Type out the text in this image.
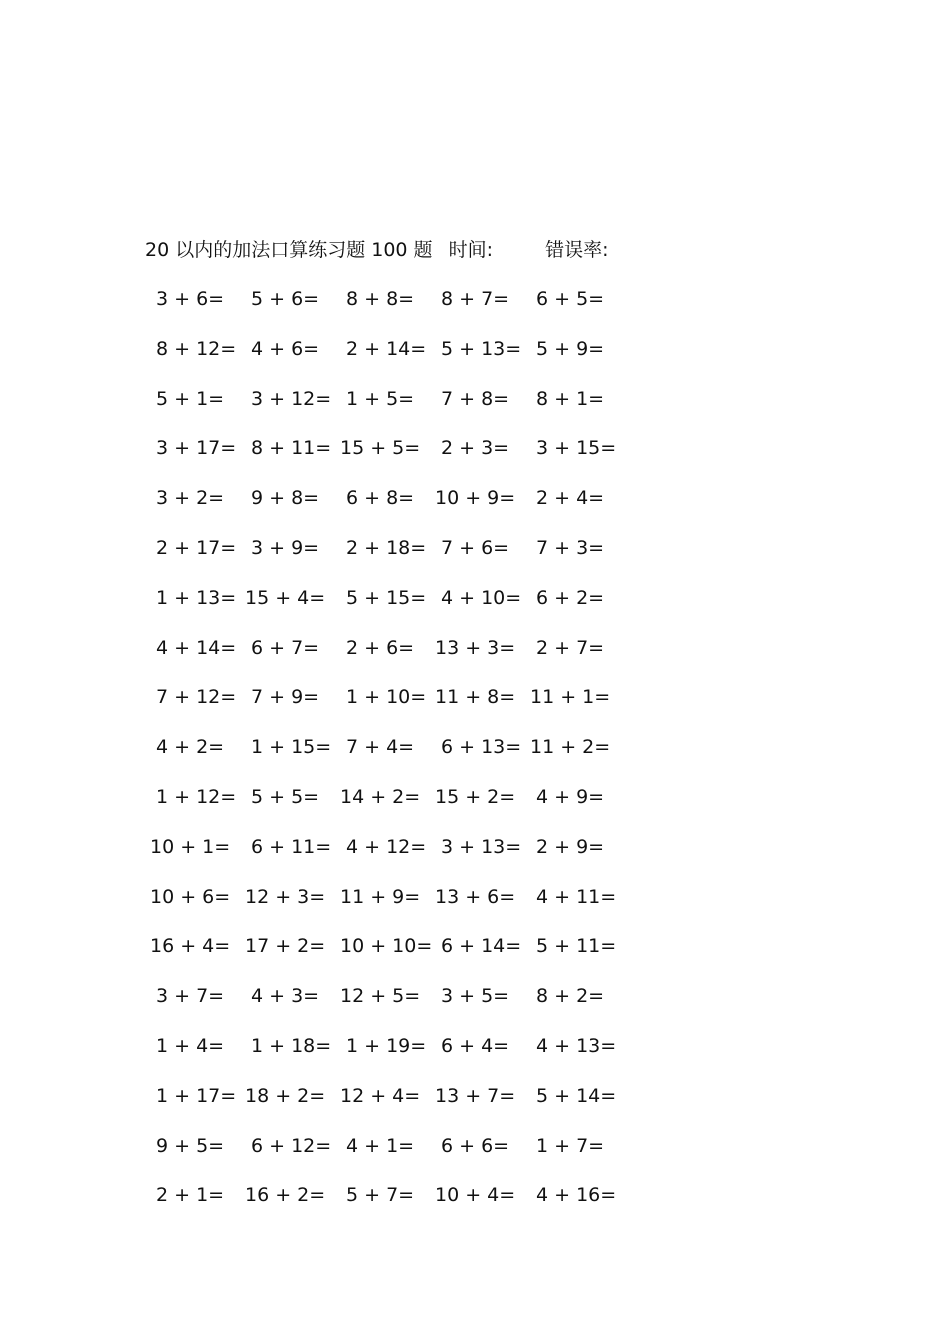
20 以内的加法口算练习题 100 题 时间:	错误率:
3 + 6= 5 + 6= 8 + 8= 8 + 7= 6 + 5=
8 + 12= 4 + 6= 2 + 14= 5 + 13= 5 + 9=
5 + 1= 3 + 12= 1 + 5= 7 + 8= 8 + 1=
3 + 17= 8 + 11= 15 + 5= 2 + 3= 3 + 15=
3 + 2= 9 + 8= 6 + 8= 10 + 9= 2 + 4=
2 + 17= 3 + 9= 2 + 18= 7 + 6= 7 + 3=
1 + 13= 15 + 4= 5 + 15= 4 + 10= 6 + 2=
4 + 14= 6 + 7= 2 + 6= 13 + 3= 2 + 7=
7 + 12= 7 + 9= 1 + 10= 11 + 8= 11 + 1=
4 + 2= 1 + 15= 7 + 4= 6 + 13= 11 + 2=
1 + 12= 5 + 5= 14 + 2= 15 + 2= 4 + 9=
10 + 1= 6 + 11= 4 + 12= 3 + 13= 2 + 9=
10 + 6= 12 + 3= 11 + 9= 13 + 6= 4 + 11=
16 + 4= 17 + 2= 10 + 10= 6 + 14= 5 + 11=
3 + 7= 4 + 3= 12 + 5= 3 + 5= 8 + 2=
1 + 4= 1 + 18= 1 + 19= 6 + 4= 4 + 13=
1 + 17= 18 + 2= 12 + 4= 13 + 7= 5 + 14=
9 + 5= 6 + 12= 4 + 1= 6 + 6= 1 + 7=
2 + 1= 16 + 2= 5 + 7= 10 + 4= 4 + 16=
